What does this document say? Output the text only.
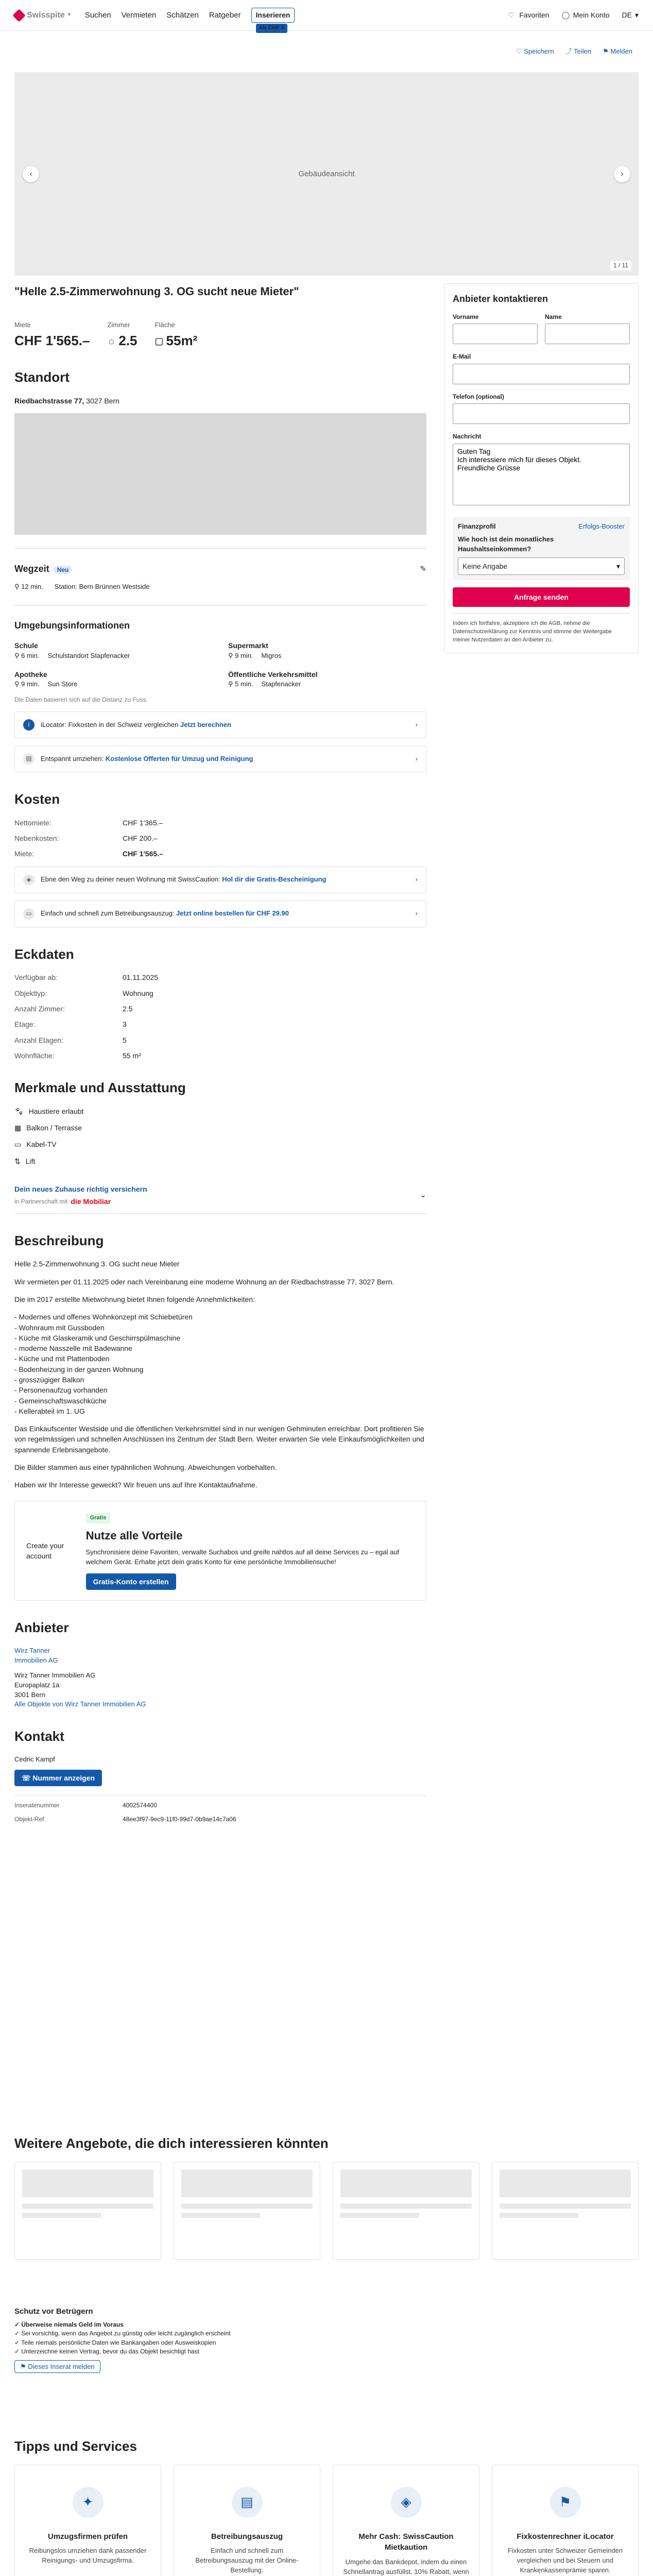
Swisspite ▾ Suchen Vermieten Schätzen Ratgeber	Inserieren
Ab CHF 0
♡ Favoriten ◯ Mein Konto DE ▾
♡ Speichern ⤴ Teilen ⚑ Melden
Gebäudeansicht
‹	›
1 / 11
"Helle 2.5-Zimmerwohnung 3. OG sucht neue Mieter"
Miete
CHF 1'565.–
Zimmer
⌂ 2.5
Fläche
▢ 55m²
Standort
Riedbachstrasse 77, 3027 Bern
Wegzeit Neu	✎
⚲ 12 min. Station: Bern Brünnen Westside
Umgebungsinformationen
Schule
⚲ 6 min. Schulstandort Stapfenacker
Supermarkt
⚲ 9 min. Migros
Apotheke
⚲ 9 min. Sun Store
Öffentliche Verkehrsmittel
⚲ 5 min. Stapfenacker
Die Daten basieren sich auf die Distanz zu Fuss.
i	iLocator: Fixkosten in der Schweiz vergleichen Jetzt berechnen	›
▤	Entspannt umziehen: Kostenlose Offerten für Umzug und Reinigung	›
Kosten
Nettomiete:	CHF 1'365.–
Nebenkosten:	CHF 200.–
Miete:	CHF 1'565.–
◈	Ebne den Weg zu deiner neuen Wohnung mit SwissCaution: Hol dir die Gratis-Bescheinigung	›
▭	Einfach und schnell zum Betreibungsauszug: Jetzt online bestellen für CHF 29.90	›
Eckdaten
Verfügbar ab:	01.11.2025
Objekttyp:	Wohnung
Anzahl Zimmer:	2.5
Etage:	3
Anzahl Etagen:	5
Wohnfläche:	55 m²
Merkmale und Ausstattung
🐾︎ Haustiere erlaubt
▦ Balkon / Terrasse
▭ Kabel-TV
⇅ Lift
Dein neues Zuhause richtig versichern
in Partnerschaft mit die Mobiliar
⌄
Beschreibung

Helle 2.5-Zimmerwohnung 3. OG sucht neue Mieter

Wir vermieten per 01.11.2025 oder nach Vereinbarung eine moderne Wohnung an der Riedbachstrasse 77, 3027 Bern.

Die im 2017 erstellte Mietwohnung bietet Ihnen folgende Annehmlichkeiten:

- Modernes und offenes Wohnkonzept mit Schiebetüren
- Wohnraum mit Gussboden
- Küche mit Glaskeramik und Geschirrspülmaschine
- moderne Nasszelle mit Badewanne
- Küche und mit Plattenboden
- Bodenheizung in der ganzen Wohnung
- grosszügiger Balkon
- Personenaufzug vorhanden
- Gemeinschaftswaschküche
- Kellerabteil im 1. UG

Das Einkaufscenter Westside und die öffentlichen Verkehrsmittel sind in nur wenigen Gehminuten erreichbar. Dort profitieren Sie von regelmässigen und schnellen Anschlüssen ins Zentrum der Stadt Bern. Weiter erwarten Sie viele Einkaufsmöglichkeiten und spannende Erlebnisangebote.

Die Bilder stammen aus einer typähnlichen Wohnung. Abweichungen vorbehalten.

Haben wir Ihr Interesse geweckt? Wir freuen uns auf Ihre Kontaktaufnahme.

Create your account
Gratis
Nutze alle Vorteile

Synchronisiere deine Favoriten, verwalte Suchabos und greife nahtlos auf all deine Services zu – egal auf welchem Gerät. Erhalte jetzt dein gratis Konto für eine persönliche Immobiliensuche!

Gratis-Konto erstellen
Anbieter
Wirz Tanner
Immobilien AG
Wirz Tanner Immobilien AG
Europaplatz 1a
3001 Bern
Alle Objekte von Wirz Tanner Immobilien AG
Kontakt
Cedric Kampf
☏ Nummer anzeigen
Inseratenummer	4002574400
Objekt-Ref.	48ee3f97-9ec9-11f0-99d7-0b9ae14c7a06
Anbieter kontaktieren
Vorname	Name
E-Mail
Telefon (optional)
Nachricht
Guten Tag Ich interessiere mich für dieses Objekt. Freundliche Grüsse
Finanzprofil	Erfolgs-Booster
Wie hoch ist dein monatliches Haushaltseinkommen?
Keine Angabe	▾
Anfrage senden
Indem ich fortfahre, akzeptiere ich die AGB, nehme die Datenschutzerklärung zur Kenntnis und stimme der Weitergabe meiner Nutzerdaten an den Anbieter zu.
Weitere Angebote, die dich interessieren könnten
Schutz vor Betrügern
✓ Überweise niemals Geld im Voraus
✓ Sei vorsichtig, wenn das Angebot zu günstig oder leicht zugänglich erscheint
✓ Teile niemals persönliche Daten wie Bankangaben oder Ausweiskopien
✓ Unterzeichne keinen Vertrag, bevor du das Objekt besichtigt hast
⚑ Dieses Inserat melden
Tipps und Services
✦
Umzugsfirmen prüfen

Reibungslos umziehen dank passender Reinigungs- und Umzugsfirma.

▤
Betreibungsauszug

Einfach und schnell zum Betreibungsauszug mit der Online-Bestellung.

◈
Mehr Cash: SwissCaution Mietkaution

Umgehe das Bankdepot, indem du einen Schnellantrag ausfüllst. 10% Rabatt, wenn

⚑
Fixkostenrechner iLocator

Fixkosten unter Schweizer Gemeinden vergleichen und bei Steuern und Krankenkassenprämie sparen.
